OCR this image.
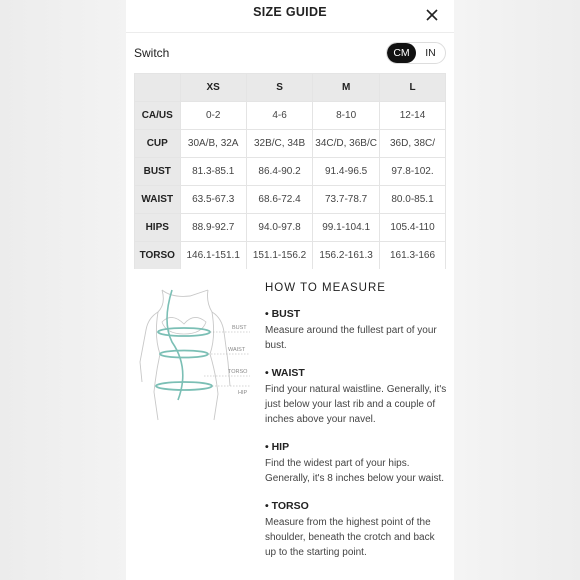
SIZE GUIDE
Switch	CM	IN
	XS	S	M	L
CA/US	0-2	4-6	8-10	12-14
CUP	30A/B, 32A	32B/C, 34B	34C/D, 36B/C	36D, 38C/
BUST	81.3-85.1	86.4-90.2	91.4-96.5	97.8-102.
WAIST	63.5-67.3	68.6-72.4	73.7-78.7	80.0-85.1
HIPS	88.9-92.7	94.0-97.8	99.1-104.1	105.4-110
TORSO	146.1-151.1	151.1-156.2	156.2-161.3	161.3-166
BUST
WAIST
TORSO
HIP
HOW TO MEASURE
• BUST
Measure around the fullest part of your bust.
• WAIST
Find your natural waistline. Generally, it's just below your last rib and a couple of inches above your navel.
• HIP
Find the widest part of your hips. Generally, it's 8 inches below your waist.
• TORSO
Measure from the highest point of the shoulder, beneath the crotch and back up to the starting point.
